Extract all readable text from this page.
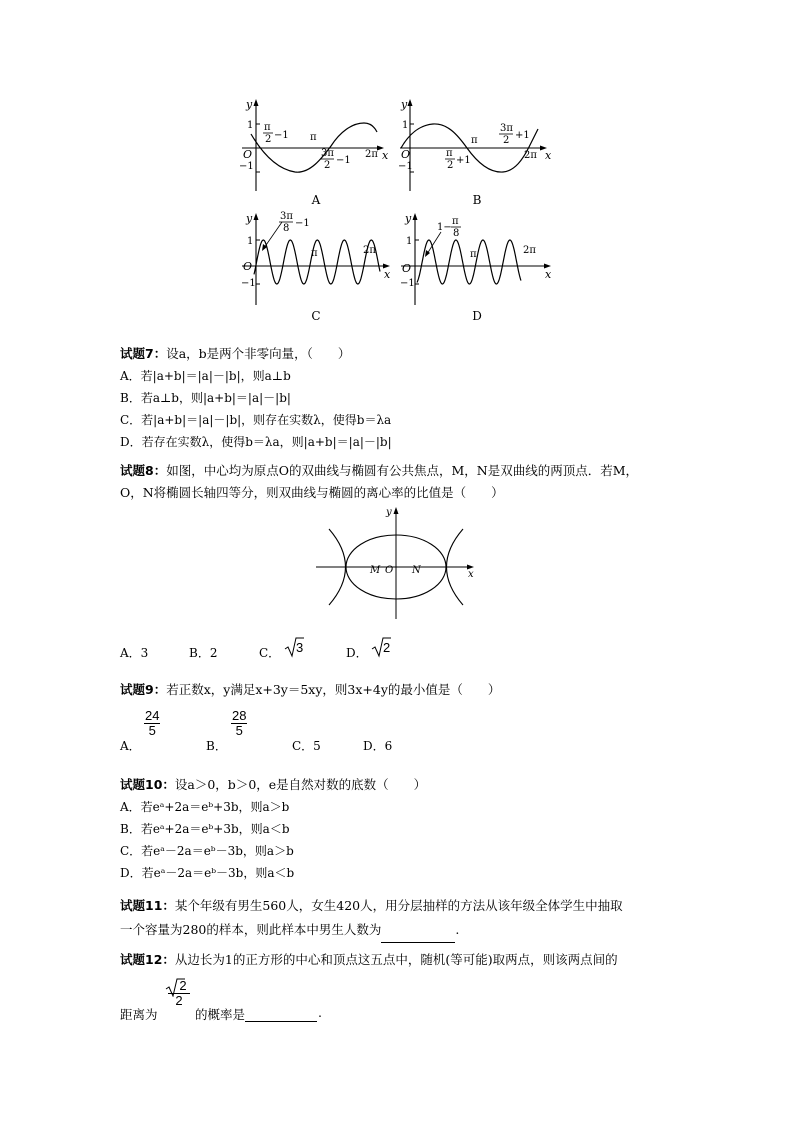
y
x
O
1
−1
π
2 −1 π
3π
2 −1
2π
A
y
x
O
1
−1
π
2 +1
π
3π
2 +1
2π
B
y
x
O
1
−1
3π
8 −1
π	2π
C
y
x
O
1
−1
1−
π
8
π	2π
D
试题7：设a，b是两个非零向量，（　　）
A．若|a+b|＝|a|－|b|，则a⊥b
B．若a⊥b，则|a+b|＝|a|－|b|
C．若|a+b|＝|a|－|b|，则存在实数λ，使得b＝λa
D．若存在实数λ，使得b＝λa，则|a+b|＝|a|－|b|
试题8：如图，中心均为原点O的双曲线与椭圆有公共焦点，M，N是双曲线的两顶点．若M，
O，N将椭圆长轴四等分，则双曲线与椭圆的离心率的比值是（　　）
y
x
M O N
A．3	B．2	C． 3	D． 2
试题9：若正数x，y满足x+3y＝5xy，则3x+4y的最小值是（　　）
A．
$\frac{24}{5}$
B．
$\frac{28}{5}$
C．5	D．6
试题10：设a＞0，b＞0，e是自然对数的底数（　　）
A．若eᵃ+2a＝eᵇ+3b，则a＞b
B．若eᵃ+2a＝eᵇ+3b，则a＜b
C．若eᵃ－2a＝eᵇ－3b，则a＞b
D．若eᵃ－2a＝eᵇ－3b，则a＜b
试题11：某个年级有男生560人，女生420人，用分层抽样的方法从该年级全体学生中抽取
一个容量为280的样本，则此样本中男生人数为	.
试题12：从边长为1的正方形的中心和顶点这五点中，随机(等可能)取两点，则该两点间的
距离为
$\frac{2}{2}$
的概率是	.
